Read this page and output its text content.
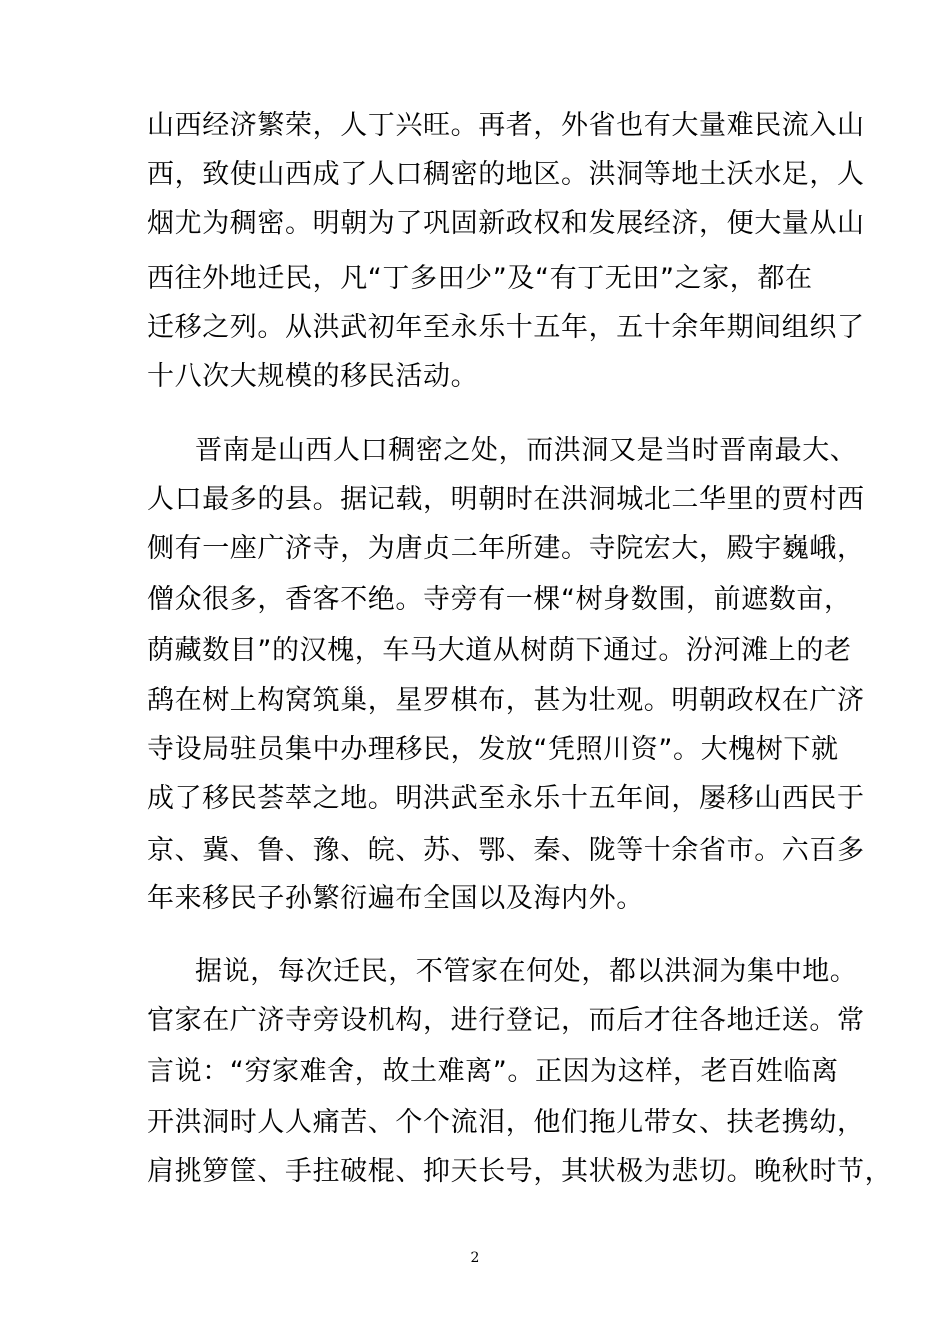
山西经济繁荣，人丁兴旺。再者，外省也有大量难民流入山
西，致使山西成了人口稠密的地区。洪洞等地土沃水足，人
烟尤为稠密。明朝为了巩固新政权和发展经济，便大量从山
西往外地迁民，凡“丁多田少”及“有丁无田”之家，都在
迁移之列。从洪武初年至永乐十五年，五十余年期间组织了
十八次大规模的移民活动。
晋南是山西人口稠密之处，而洪洞又是当时晋南最大、
人口最多的县。据记载，明朝时在洪洞城北二华里的贾村西
侧有一座广济寺，为唐贞二年所建。寺院宏大，殿宇巍峨，
僧众很多，香客不绝。寺旁有一棵“树身数围，前遮数亩，
荫藏数目”的汉槐，车马大道从树荫下通过。汾河滩上的老
鸹在树上构窝筑巢，星罗棋布，甚为壮观。明朝政权在广济
寺设局驻员集中办理移民，发放“凭照川资”。大槐树下就
成了移民荟萃之地。明洪武至永乐十五年间，屡移山西民于
京、冀、鲁、豫、皖、苏、鄂、秦、陇等十余省市。六百多
年来移民子孙繁衍遍布全国以及海内外。
据说，每次迁民，不管家在何处，都以洪洞为集中地。
官家在广济寺旁设机构，进行登记，而后才往各地迁送。常
言说：“穷家难舍，故土难离”。正因为这样，老百姓临离
开洪洞时人人痛苦、个个流泪，他们拖儿带女、扶老携幼，
肩挑箩筐、手拄破棍、抑天长号，其状极为悲切。晚秋时节，
2
